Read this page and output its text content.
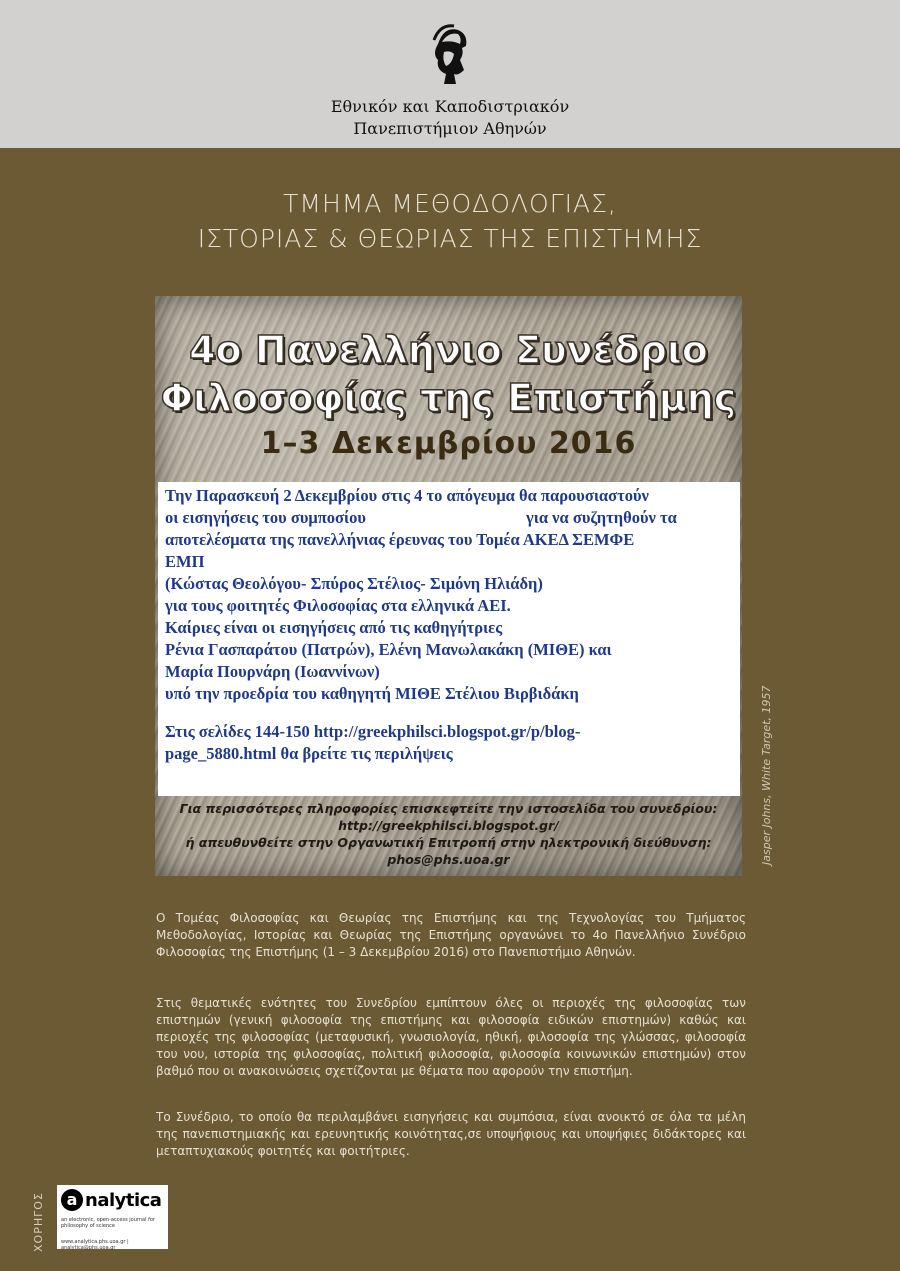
Εθνικόν και Καποδιστριακόν
Πανεπιστήμιον Αθηνών
ΤΜΗΜΑ ΜΕΘΟΔΟΛΟΓΙΑΣ,
ΙΣΤΟΡΙΑΣ & ΘΕΩΡΙΑΣ ΤΗΣ ΕΠΙΣΤΗΜΗΣ
4ο Πανελλήνιο Συνέδριο
Φιλοσοφίας της Επιστήμης
1–3 Δεκεμβρίου 2016
Για περισσότερες πληροφορίες επισκεφτείτε την ιστοσελίδα του συνεδρίου:
http://greekphilsci.blogspot.gr/
ή απευθυνθείτε στην Οργανωτική Επιτροπή στην ηλεκτρονική διεύθυνση:
phos@phs.uoa.gr

Την Παρασκευή 2 Δεκεμβρίου στις 4 το απόγευμα θα παρουσιαστούν

οι εισηγήσεις του συμποσίου	για να συζητηθούν τα

αποτελέσματα της πανελλήνιας έρευνας του Τομέα ΑΚΕΔ ΣΕΜΦΕ

ΕΜΠ

(Κώστας Θεολόγου- Σπύρος Στέλιος- Σιμόνη Ηλιάδη)

για τους φοιτητές Φιλοσοφίας στα ελληνικά ΑΕΙ.

Καίριες είναι οι εισηγήσεις από τις καθηγήτριες

Ρένια Γασπαράτου (Πατρών), Ελένη Μανωλακάκη (ΜΙΘΕ) και

Μαρία Πουρνάρη (Ιωαννίνων)

υπό την προεδρία του καθηγητή ΜΙΘΕ Στέλιου Βιρβιδάκη

Στις σελίδες 144-150 http://greekphilsci.blogspot.gr/p/blog-

page_5880.html θα βρείτε τις περιλήψεις	Jasper Johns, White Target, 1957

Ο Τομέας Φιλοσοφίας και Θεωρίας της Επιστήμης και της Τεχνολογίας του Τμήματος Μεθοδολογίας, Ιστορίας και Θεωρίας της Επιστήμης οργανώνει το 4ο Πανελλήνιο Συνέδριο Φιλοσοφίας της Επιστήμης (1 – 3 Δεκεμβρίου 2016) στο Πανεπιστήμιο Αθηνών.

Στις θεματικές ενότητες του Συνεδρίου εμπίπτουν όλες οι περιοχές της φιλοσοφίας των επιστημών (γενική φιλοσοφία της επιστήμης και φιλοσοφία ειδικών επιστημών) καθώς και περιοχές της φιλοσοφίας (μεταφυσική, γνωσιολογία, ηθική, φιλοσοφία της γλώσσας, φιλοσοφία του νου, ιστορία της φιλοσοφίας, πολιτική φιλοσοφία, φιλοσοφία κοινωνικών επιστημών) στον βαθμό που οι ανακοινώσεις σχετίζονται με θέματα που αφορούν την επιστήμη.

Το Συνέδριο, το οποίο θα περιλαμβάνει εισηγήσεις και συμπόσια, είναι ανοικτό σε όλα τα μέλη της πανεπιστημιακής και ερευνητικής κοινότητας,σε υποψήφιους και υποψήφιες διδάκτορες και μεταπτυχιακούς φοιτητές και φοιτήτριες.

ΧΟΡΗΓΟΣ	a nalytica
an electronic, open-access journal for philosophy of science
www.analytica.phs.uoa.gr | analytica@phs.uoa.gr
